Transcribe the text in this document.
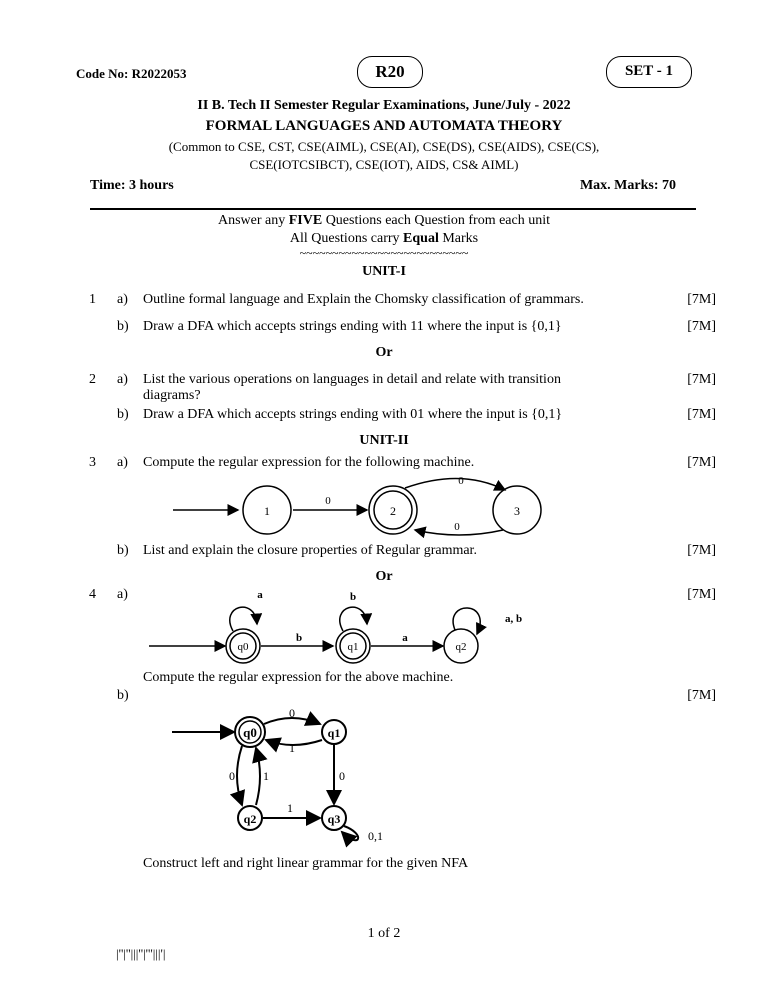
Code No: R2022053	R20	SET - 1
II B. Tech II Semester Regular Examinations, June/July - 2022
FORMAL LANGUAGES AND AUTOMATA THEORY
(Common to CSE, CST, CSE(AIML), CSE(AI), CSE(DS), CSE(AIDS), CSE(CS),
CSE(IOTCSIBCT), CSE(IOT), AIDS, CS& AIML)
Time: 3 hours	Max. Marks: 70
Answer any FIVE Questions each Question from each unit
All Questions carry Equal Marks
~~~~~~~~~~~~~~~~~~~~~~~~~~
UNIT-I
1 a) Outline formal language and Explain the Chomsky classification of grammars.	[7M]
b) Draw a DFA which accepts strings ending with 11 where the input is {0,1}	[7M]
Or
2 a) List the various operations on languages in detail and relate with transition diagrams?
[7M]
b) Draw a DFA which accepts strings ending with 01 where the input is {0,1}	[7M]
UNIT-II
3 a) Compute the regular expression for the following machine.	[7M]
1
0
2
0
3
0
b) List and explain the closure properties of Regular grammar.	[7M]
Or
4 a)	[7M]
q0
a
b
q1
b
a
q2
a, b
Compute the regular expression for the above machine.
b)	[7M]
q0	q1
q2	q3
0
1
0
0 1
1
0,1
Construct left and right linear grammar for the given NFA
1 of 2
|''|''|||''|'''|||'|
